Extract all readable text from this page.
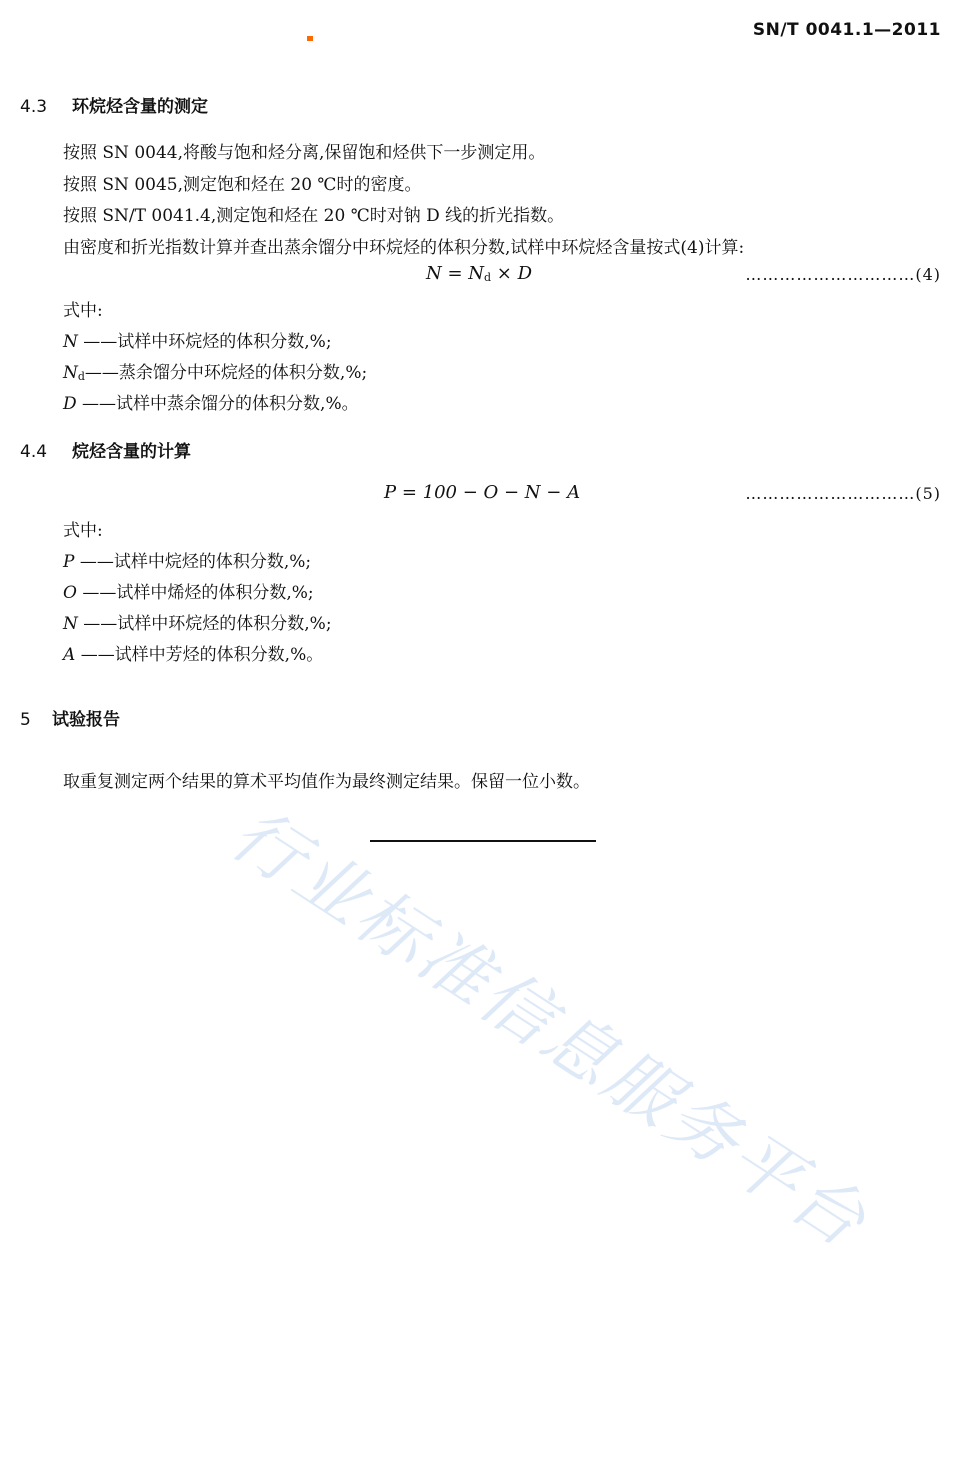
SN/T 0041.1—2011
4.3 环烷烃含量的测定
按照 SN 0044,将酸与饱和烃分离,保留饱和烃供下一步测定用。
按照 SN 0045,测定饱和烃在 20 ℃时的密度。
按照 SN/T 0041.4,测定饱和烃在 20 ℃时对钠 D 线的折光指数。
由密度和折光指数计算并查出蒸余馏分中环烷烃的体积分数,试样中环烷烃含量按式(4)计算:
N = Nd × D	…………………………(4)
式中:
N ——试样中环烷烃的体积分数,%;
Nd——蒸余馏分中环烷烃的体积分数,%;
D ——试样中蒸余馏分的体积分数,%。
4.4 烷烃含量的计算
P = 100 − O − N − A	…………………………(5)
式中:
P ——试样中烷烃的体积分数,%;
O ——试样中烯烃的体积分数,%;
N ——试样中环烷烃的体积分数,%;
A ——试样中芳烃的体积分数,%。
5 试验报告
取重复测定两个结果的算术平均值作为最终测定结果。保留一位小数。
行业标准信息服务平台
